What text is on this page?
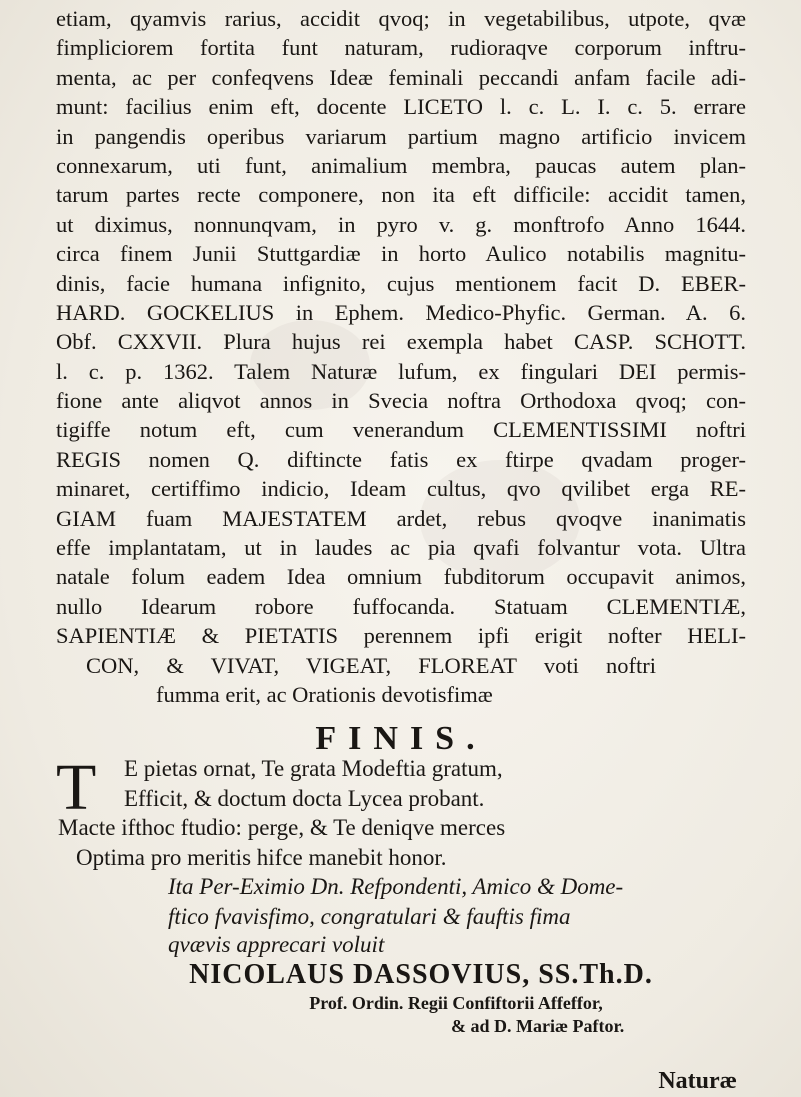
etiam, qyamvis rarius, accidit qvoq; in vegetabilibus, utpote, qvæ
fimpliciorem fortita funt naturam, rudioraqve corporum inftru-
menta, ac per confeqvens Ideæ feminali peccandi anfam facile adi-
munt: facilius enim eft, docente LICETO l. c. L. I. c. 5. errare
in pangendis operibus variarum partium magno artificio invicem
connexarum, uti funt, animalium membra, paucas autem plan-
tarum partes recte componere, non ita eft difficile: accidit tamen,
ut diximus, nonnunqvam, in pyro v. g. monftrofo Anno 1644.
circa finem Junii Stuttgardiæ in horto Aulico notabilis magnitu-
dinis, facie humana infignito, cujus mentionem facit D. EBER-
HARD. GOCKELIUS in Ephem. Medico-Phyfic. German. A. 6.
Obf. CXXVII. Plura hujus rei exempla habet CASP. SCHOTT.
l. c. p. 1362. Talem Naturæ lufum, ex fingulari DEI permis-
fione ante aliqvot annos in Svecia noftra Orthodoxa qvoq; con-
tigiffe notum eft, cum venerandum CLEMENTISSIMI noftri
REGIS nomen Q. diftincte fatis ex ftirpe qvadam proger-
minaret, certiffimo indicio, Ideam cultus, qvo qvilibet erga RE-
GIAM fuam MAJESTATEM ardet, rebus qvoqve inanimatis
effe implantatam, ut in laudes ac pia qvafi folvantur vota. Ultra
natale folum eadem Idea omnium fubditorum occupavit animos,
nullo Idearum robore fuffocanda. Statuam CLEMENTIÆ,
SAPIENTIÆ & PIETATIS perennem ipfi erigit nofter HELI-
CON, & VIVAT, VIGEAT, FLOREAT voti noftri
fumma erit, ac Orationis devotisfimæ
FINIS.
T	E pietas ornat, Te grata Modeftia gratum,
Efficit, & doctum docta Lycea probant.
Macte ifthoc ftudio: perge, & Te deniqve merces
Optima pro meritis hifce manebit honor.
Ita Per-Eximio Dn. Refpondenti, Amico & Dome-
ftico fvavisfimo, congratulari & fauftis fima
qvævis apprecari voluit
NICOLAUS DASSOVIUS, SS.Th.D.
Prof. Ordin. Regii Confiftorii Affeffor,
& ad D. Mariæ Paftor.
Naturæ
